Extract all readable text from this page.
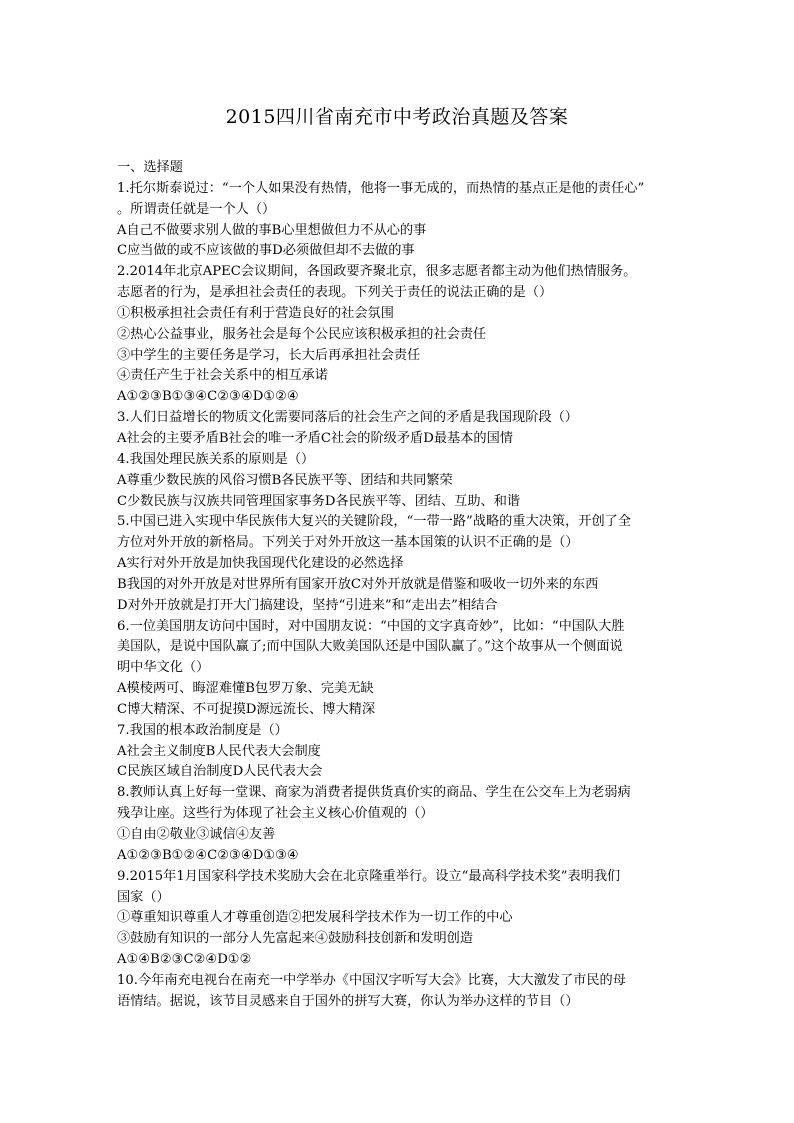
2015四川省南充市中考政治真题及答案
一、选择题
1.托尔斯泰说过：“一个人如果没有热情，他将一事无成的，而热情的基点正是他的责任心”
。所谓责任就是一个人（）
A自己不做要求别人做的事B心里想做但力不从心的事
C应当做的或不应该做的事D必须做但却不去做的事
2.2014年北京APEC会议期间，各国政要齐聚北京，很多志愿者都主动为他们热情服务。
志愿者的行为，是承担社会责任的表现。下列关于责任的说法正确的是（）
①积极承担社会责任有利于营造良好的社会氛围
②热心公益事业，服务社会是每个公民应该积极承担的社会责任
③中学生的主要任务是学习，长大后再承担社会责任
④责任产生于社会关系中的相互承诺
A①②③B①③④C②③④D①②④
3.人们日益增长的物质文化需要同落后的社会生产之间的矛盾是我国现阶段（）
A社会的主要矛盾B社会的唯一矛盾C社会的阶级矛盾D最基本的国情
4.我国处理民族关系的原则是（）
A尊重少数民族的风俗习惯B各民族平等、团结和共同繁荣
C少数民族与汉族共同管理国家事务D各民族平等、团结、互助、和谐
5.中国已进入实现中华民族伟大复兴的关键阶段，“一带一路”战略的重大决策，开创了全
方位对外开放的新格局。下列关于对外开放这一基本国策的认识不正确的是（）
A实行对外开放是加快我国现代化建设的必然选择
B我国的对外开放是对世界所有国家开放C对外开放就是借鉴和吸收一切外来的东西
D对外开放就是打开大门搞建设，坚持“引进来”和“走出去”相结合
6.一位美国朋友访问中国时，对中国朋友说：“中国的文字真奇妙”，比如：“中国队大胜
美国队，是说中国队赢了;而中国队大败美国队还是中国队赢了。”这个故事从一个侧面说
明中华文化（）
A模棱两可、晦涩难懂B包罗万象、完美无缺
C博大精深、不可捉摸D源远流长、博大精深
7.我国的根本政治制度是（）
A社会主义制度B人民代表大会制度
C民族区域自治制度D人民代表大会
8.教师认真上好每一堂课、商家为消费者提供货真价实的商品、学生在公交车上为老弱病
残孕让座。这些行为体现了社会主义核心价值观的（）
①自由②敬业③诚信④友善
A①②③B①②④C②③④D①③④
9.2015年1月国家科学技术奖励大会在北京隆重举行。设立“最高科学技术奖”表明我们
国家（）
①尊重知识尊重人才尊重创造②把发展科学技术作为一切工作的中心
③鼓励有知识的一部分人先富起来④鼓励科技创新和发明创造
A①④B②③C②④D①②
10.今年南充电视台在南充一中学举办《中国汉字听写大会》比赛，大大激发了市民的母
语情结。据说，该节目灵感来自于国外的拼写大赛，你认为举办这样的节目（）
